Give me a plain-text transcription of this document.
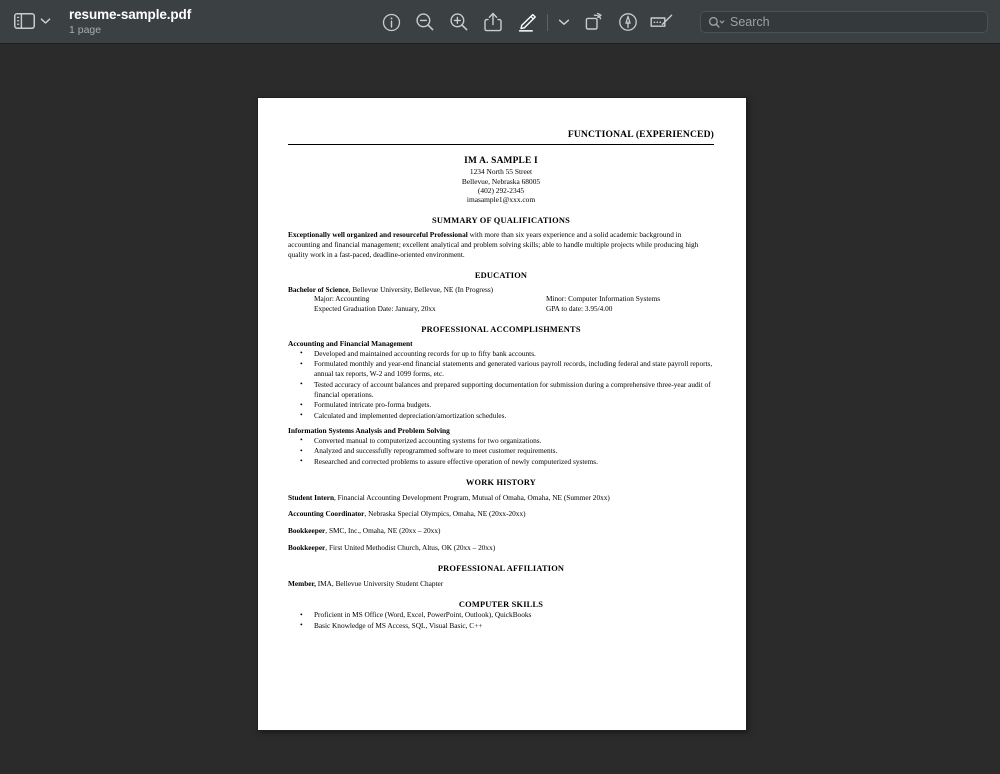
resume-sample.pdf
1 page
Search
FUNCTIONAL (EXPERIENCED)
IM A. SAMPLE I
1234 North 55 Street
Bellevue, Nebraska 68005
(402) 292-2345
imasample1@xxx.com
SUMMARY OF QUALIFICATIONS

Exceptionally well organized and resourceful Professional with more than six years experience and a solid academic background in accounting and financial management; excellent analytical and problem solving skills; able to handle multiple projects while producing high quality work in a fast-paced, deadline-oriented environment.

EDUCATION
Bachelor of Science, Bellevue University, Bellevue, NE (In Progress)
Major: Accounting	Minor: Computer Information Systems
Expected Graduation Date: January, 20xx	GPA to date: 3.95/4.00
PROFESSIONAL ACCOMPLISHMENTS
Accounting and Financial Management
• Developed and maintained accounting records for up to fifty bank accounts.
• Formulated monthly and year-end financial statements and generated various payroll records, including federal and state payroll reports, annual tax reports, W-2 and 1099 forms, etc.
• Tested accuracy of account balances and prepared supporting documentation for submission during a comprehensive three-year audit of financial operations.
• Formulated intricate pro-forma budgets.
• Calculated and implemented depreciation/amortization schedules.
Information Systems Analysis and Problem Solving
• Converted manual to computerized accounting systems for two organizations.
• Analyzed and successfully reprogrammed software to meet customer requirements.
• Researched and corrected problems to assure effective operation of newly computerized systems.
WORK HISTORY
Student Intern, Financial Accounting Development Program, Mutual of Omaha, Omaha, NE (Summer 20xx)
Accounting Coordinator, Nebraska Special Olympics, Omaha, NE (20xx-20xx)
Bookkeeper, SMC, Inc., Omaha, NE (20xx – 20xx)
Bookkeeper, First United Methodist Church, Altus, OK (20xx – 20xx)
PROFESSIONAL AFFILIATION
Member, IMA, Bellevue University Student Chapter
COMPUTER SKILLS
• Proficient in MS Office (Word, Excel, PowerPoint, Outlook), QuickBooks
• Basic Knowledge of MS Access, SQL, Visual Basic, C++
